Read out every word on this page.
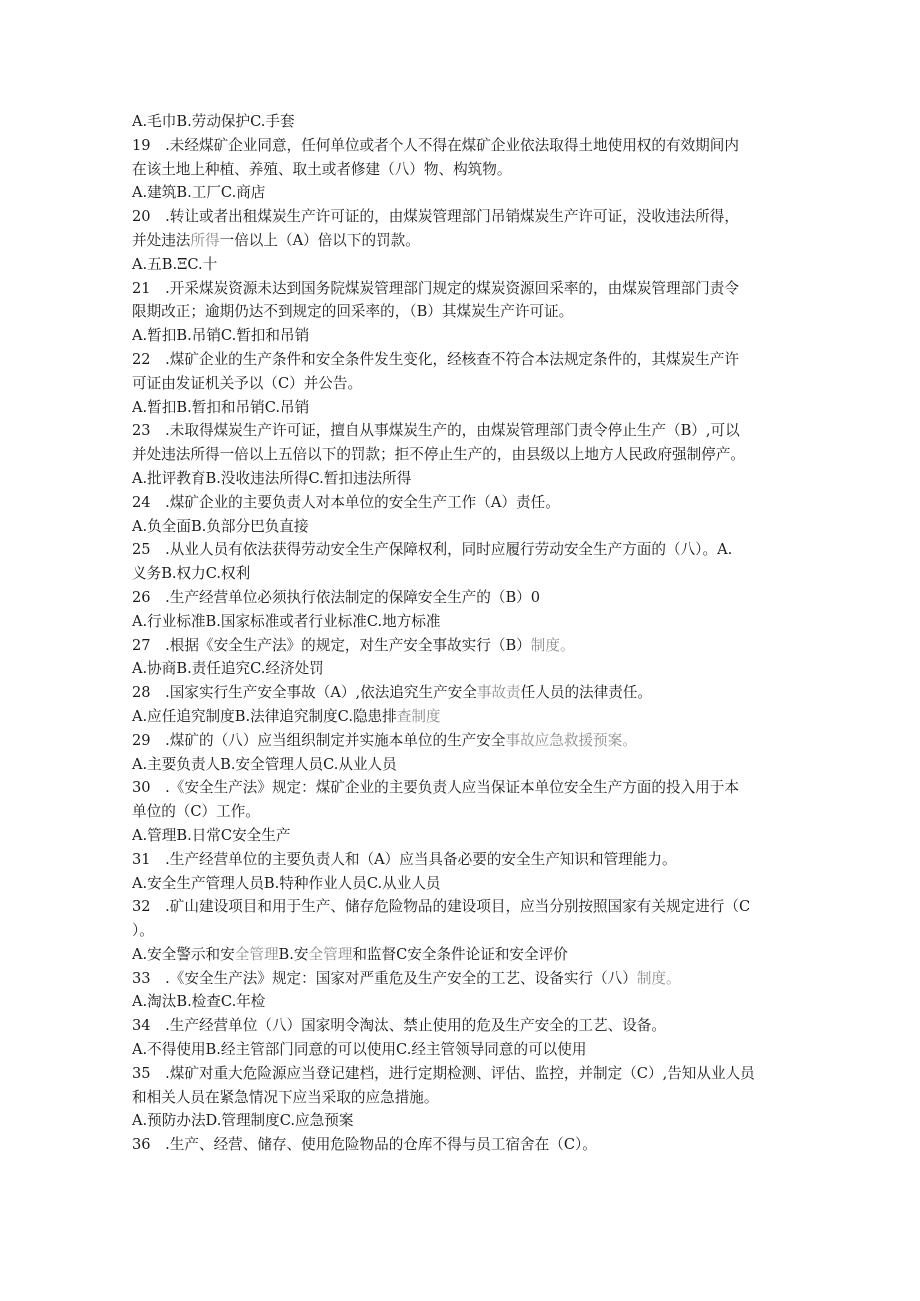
A.毛巾B.劳动保护C.手套
19　.未经煤矿企业同意，任何单位或者个人不得在煤矿企业依法取得土地使用权的有效期间内
在该土地上种植、养殖、取土或者修建（八）物、构筑物。
A.建筑B.工厂C.商店
20　.转让或者出租煤炭生产许可证的，由煤炭管理部门吊销煤炭生产许可证，没收违法所得，
并处违法所得一倍以上（A）倍以下的罚款。
A.五B.ΞC.十
21　.开采煤炭资源未达到国务院煤炭管理部门规定的煤炭资源回采率的，由煤炭管理部门责令
限期改正；逾期仍达不到规定的回采率的，（B）其煤炭生产许可证。
A.暂扣B.吊销C.暂扣和吊销
22　.煤矿企业的生产条件和安全条件发生变化，经核查不符合本法规定条件的，其煤炭生产许
可证由发证机关予以（C）并公告。
A.暂扣B.暂扣和吊销C.吊销
23　.未取得煤炭生产许可证，擅自从事煤炭生产的，由煤炭管理部门责令停止生产（B）,可以
并处违法所得一倍以上五倍以下的罚款；拒不停止生产的，由县级以上地方人民政府强制停产。
A.批评教育B.没收违法所得C.暂扣违法所得
24　.煤矿企业的主要负责人对本单位的安全生产工作（A）责任。
A.负全面B.负部分巴负直接
25　.从业人员有依法获得劳动安全生产保障权利，同时应履行劳动安全生产方面的（八）。A.
义务B.权力C.权利
26　.生产经营单位必须执行依法制定的保障安全生产的（B）0
A.行业标准B.国家标准或者行业标准C.地方标准
27　.根据《安全生产法》的规定，对生产安全事故实行（B）制度。
A.协商B.责任追究C.经济处罚
28　.国家实行生产安全事故（A）,依法追究生产安全事故责任人员的法律责任。
A.应任追究制度B.法律追究制度C.隐患排查制度
29　.煤矿的（八）应当组织制定并实施本单位的生产安全事故应急救援预案。
A.主要负责人B.安全管理人员C.从业人员
30　.《安全生产法》规定：煤矿企业的主要负责人应当保证本单位安全生产方面的投入用于本
单位的（C）工作。
A.管理B.日常C安全生产
31　.生产经营单位的主要负责人和（A）应当具备必要的安全生产知识和管理能力。
A.安全生产管理人员B.特种作业人员C.从业人员
32　.矿山建设项目和用于生产、储存危险物品的建设项目，应当分别按照国家有关规定进行（C
）。
A.安全警示和安全管理B.安全管理和监督C安全条件论证和安全评价
33　.《安全生产法》规定：国家对严重危及生产安全的工艺、设备实行（八）制度。
A.淘汰B.检查C.年检
34　.生产经营单位（八）国家明令淘汰、禁止使用的危及生产安全的工艺、设备。
A.不得使用B.经主管部门同意的可以使用C.经主管领导同意的可以使用
35　.煤矿对重大危险源应当登记建档，进行定期检测、评估、监控，并制定（C）,告知从业人员
和相关人员在紧急情况下应当采取的应急措施。
A.预防办法D.管理制度C.应急预案
36　.生产、经营、储存、使用危险物品的仓库不得与员工宿舍在（C）。
